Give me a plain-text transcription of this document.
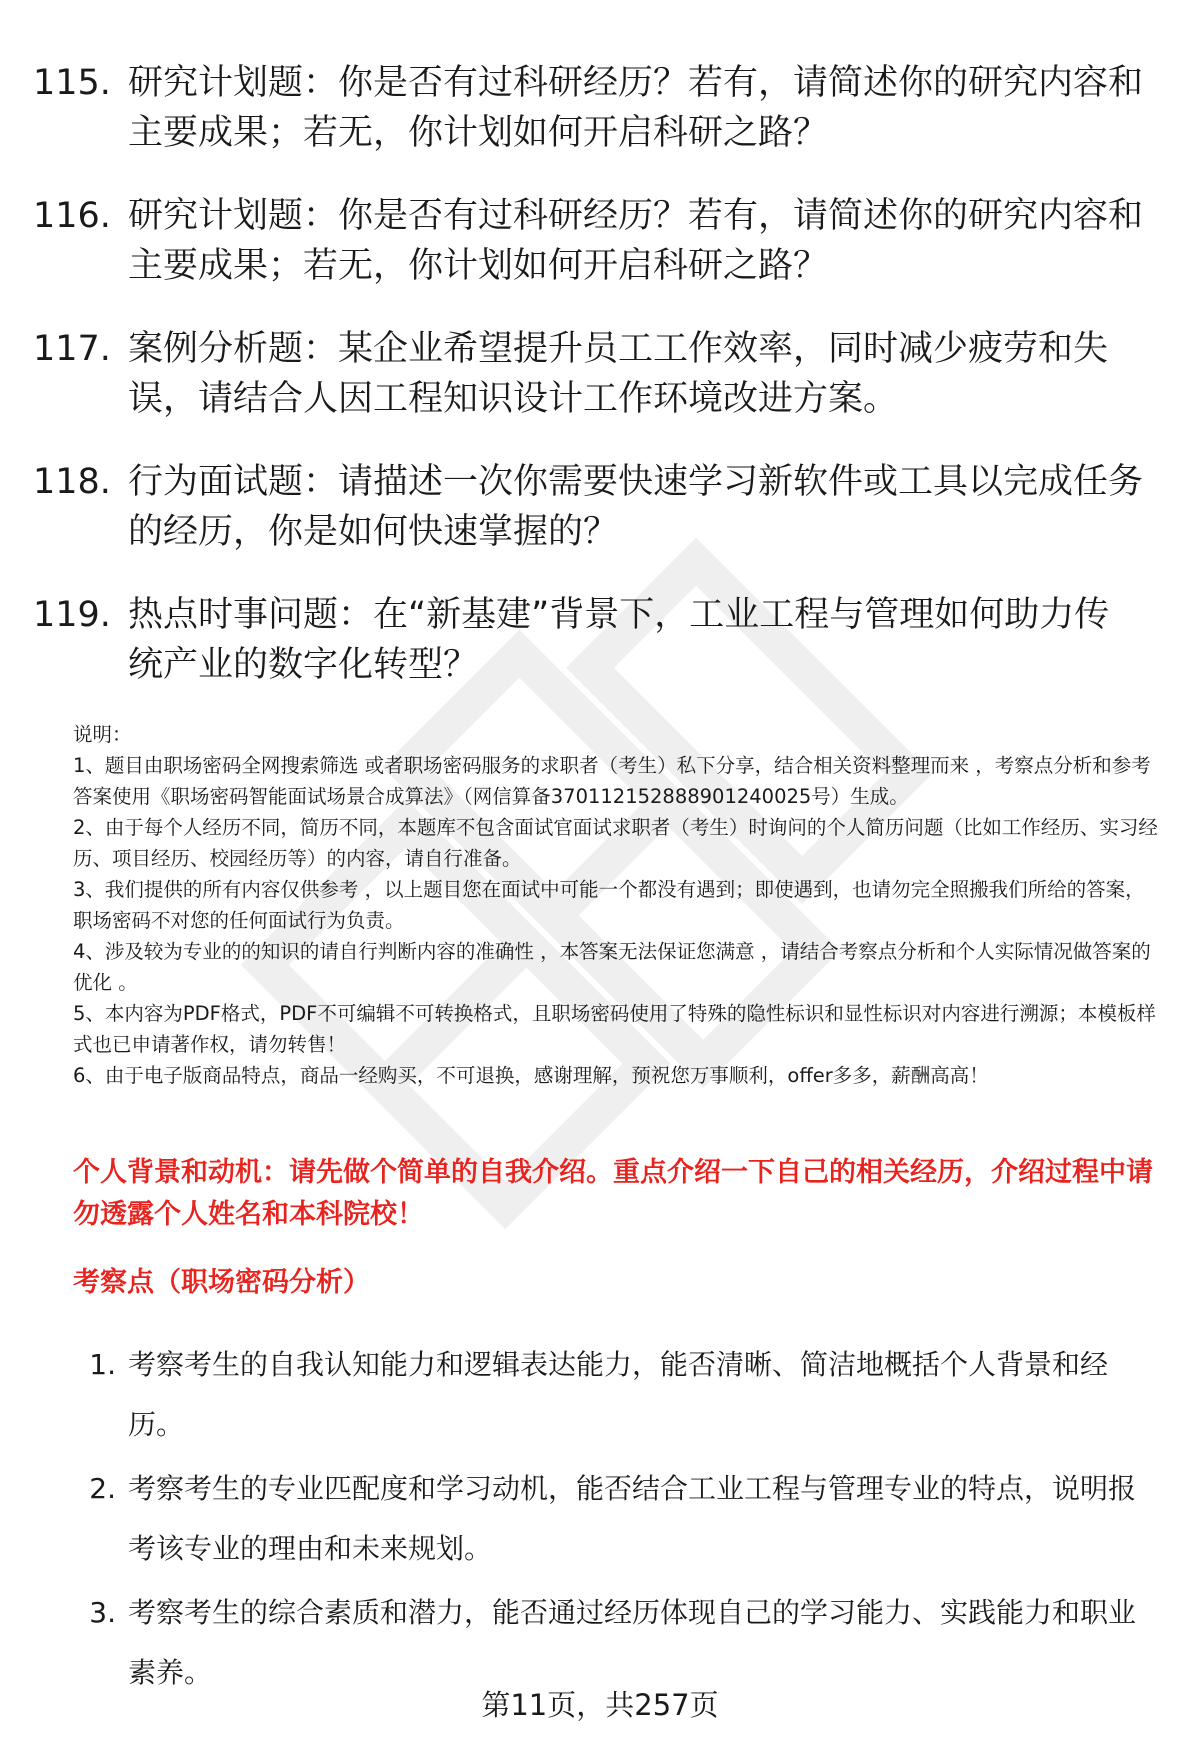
115. 研究计划题：你是否有过科研经历？若有，请简述你的研究内容和主要成果；若无，你计划如何开启科研之路？
116. 研究计划题：你是否有过科研经历？若有，请简述你的研究内容和主要成果；若无，你计划如何开启科研之路？
117. 案例分析题：某企业希望提升员工工作效率，同时减少疲劳和失误，请结合人因工程知识设计工作环境改进方案。
118. 行为面试题：请描述一次你需要快速学习新软件或工具以完成任务的经历，你是如何快速掌握的？
119. 热点时事问题：在“新基建”背景下，工业工程与管理如何助力传统产业的数字化转型？

说明：

1、题目由职场密码全网搜索筛选 或者职场密码服务的求职者（考生）私下分享，结合相关资料整理而来 ，考察点分析和参考答案使用《职场密码智能面试场景合成算法》（网信算备370112152888901240025号）生成。

2、由于每个人经历不同，简历不同，本题库不包含面试官面试求职者（考生）时询问的个人简历问题（比如工作经历、实习经历、项目经历、校园经历等）的内容，请自行准备。

3、我们提供的所有内容仅供参考 ，以上题目您在面试中可能一个都没有遇到；即使遇到，也请勿完全照搬我们所给的答案，职场密码不对您的任何面试行为负责。

4、涉及较为专业的的知识的请自行判断内容的准确性 ，本答案无法保证您满意 ，请结合考察点分析和个人实际情况做答案的优化 。

5、本内容为PDF格式，PDF不可编辑不可转换格式，且职场密码使用了特殊的隐性标识和显性标识对内容进行溯源；本模板样式也已申请著作权，请勿转售！

6、由于电子版商品特点，商品一经购买，不可退换，感谢理解，预祝您万事顺利，offer多多，薪酬高高！

个人背景和动机：请先做个简单的自我介绍。重点介绍一下自己的相关经历，介绍过程中请勿透露个人姓名和本科院校！
考察点（职场密码分析）
1. 考察考生的自我认知能力和逻辑表达能力，能否清晰、简洁地概括个人背景和经历。
2. 考察考生的专业匹配度和学习动机，能否结合工业工程与管理专业的特点，说明报考该专业的理由和未来规划。
3. 考察考生的综合素质和潜力，能否通过经历体现自己的学习能力、实践能力和职业素养。
第11页，共257页
